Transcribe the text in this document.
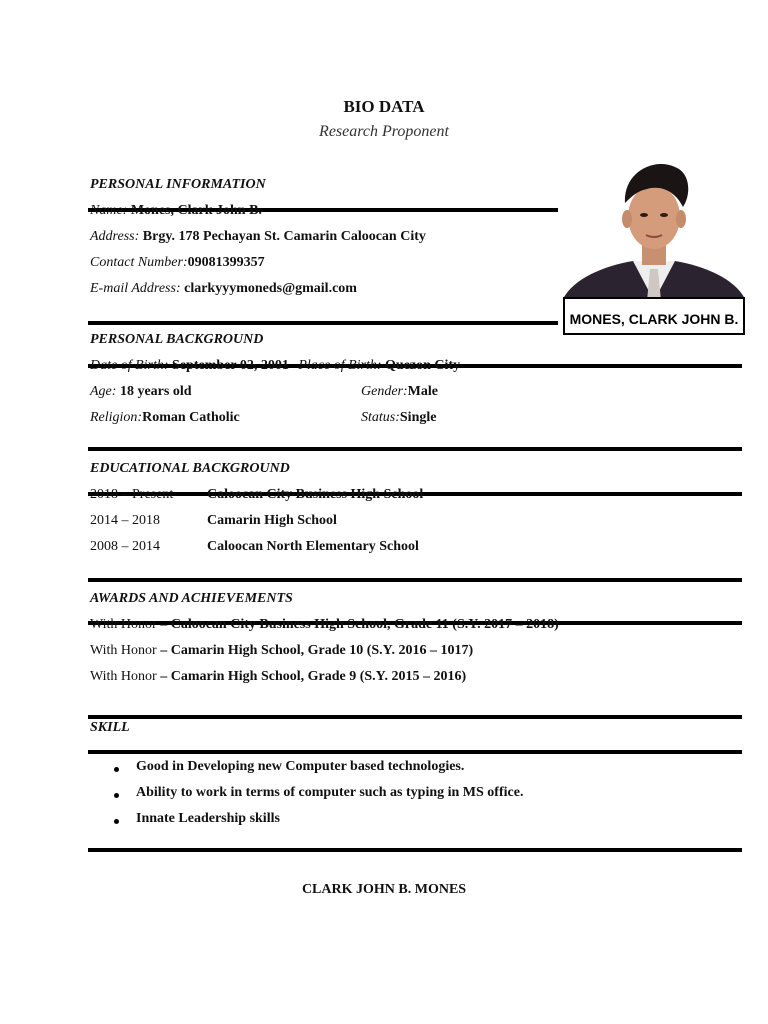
BIO DATA
Research Proponent
PERSONAL INFORMATION
Name: Mones, Clark John B.
Address: Brgy. 178 Pechayan St. Camarin Caloocan City
Contact Number:09081399357
E-mail Address: clarkyyymoneds@gmail.com
MONES, CLARK JOHN B.
PERSONAL BACKGROUND
Date of Birth: September 02, 2001 Place of Birth: Quezon City
Age: 18 years old	Gender:Male
Religion:Roman Catholic	Status:Single
EDUCATIONAL BACKGROUND
2018 – Present Caloocan City Business High School
2014 – 2018	Camarin High School
2008 – 2014	Caloocan North Elementary School
AWARDS AND ACHIEVEMENTS
With Honor – Caloocan City Business High School, Grade 11 (S.Y. 2017 – 2018)
With Honor – Camarin High School, Grade 10 (S.Y. 2016 – 1017)
With Honor – Camarin High School, Grade 9 (S.Y. 2015 – 2016)
SKILL
Good in Developing new Computer based technologies.
Ability to work in terms of computer such as typing in MS office.
Innate Leadership skills
CLARK JOHN B. MONES
